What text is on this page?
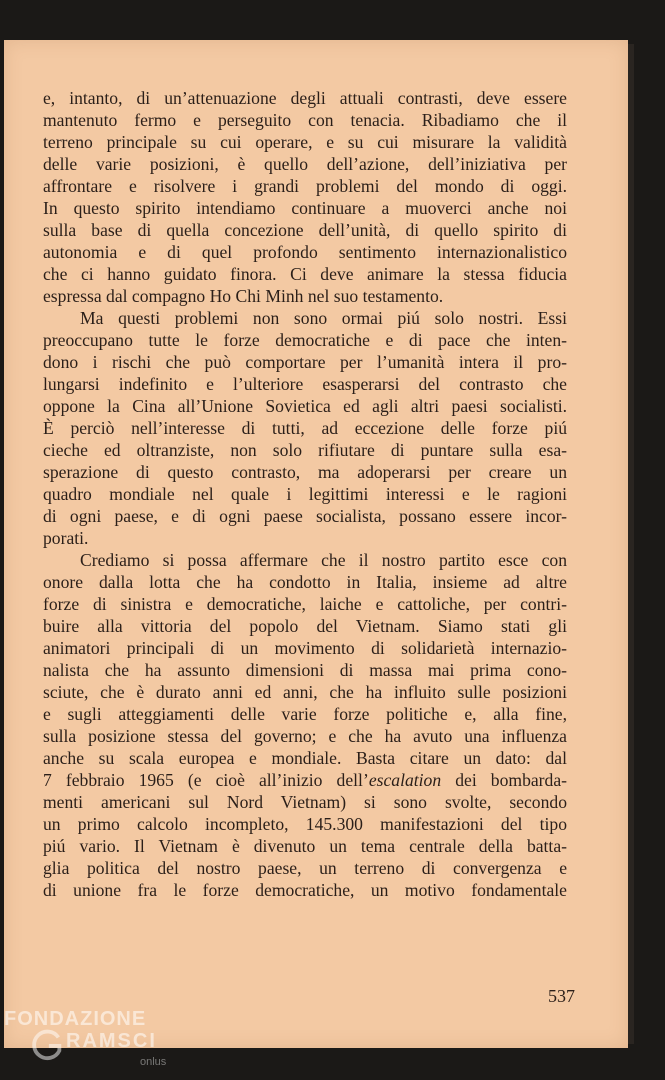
e, intanto, di un’attenuazione degli attuali contrasti, deve essere
mantenuto fermo e perseguito con tenacia. Ribadiamo che il
terreno principale su cui operare, e su cui misurare la validità
delle varie posizioni, è quello dell’azione, dell’iniziativa per
affrontare e risolvere i grandi problemi del mondo di oggi.
In questo spirito intendiamo continuare a muoverci anche noi
sulla base di quella concezione dell’unità, di quello spirito di
autonomia e di quel profondo sentimento internazionalistico
che ci hanno guidato finora. Ci deve animare la stessa fiducia
espressa dal compagno Ho Chi Minh nel suo testamento.
Ma questi problemi non sono ormai piú solo nostri. Essi
preoccupano tutte le forze democratiche e di pace che inten-
dono i rischi che può comportare per l’umanità intera il pro-
lungarsi indefinito e l’ulteriore esasperarsi del contrasto che
oppone la Cina all’Unione Sovietica ed agli altri paesi socialisti.
È perciò nell’interesse di tutti, ad eccezione delle forze piú
cieche ed oltranziste, non solo rifiutare di puntare sulla esa-
sperazione di questo contrasto, ma adoperarsi per creare un
quadro mondiale nel quale i legittimi interessi e le ragioni
di ogni paese, e di ogni paese socialista, possano essere incor-
porati.
Crediamo si possa affermare che il nostro partito esce con
onore dalla lotta che ha condotto in Italia, insieme ad altre
forze di sinistra e democratiche, laiche e cattoliche, per contri-
buire alla vittoria del popolo del Vietnam. Siamo stati gli
animatori principali di un movimento di solidarietà internazio-
nalista che ha assunto dimensioni di massa mai prima cono-
sciute, che è durato anni ed anni, che ha influito sulle posizioni
e sugli atteggiamenti delle varie forze politiche e, alla fine,
sulla posizione stessa del governo; e che ha avuto una influenza
anche su scala europea e mondiale. Basta citare un dato: dal
7 febbraio 1965 (e cioè all’inizio dell’escalation dei bombarda-
menti americani sul Nord Vietnam) si sono svolte, secondo
un primo calcolo incompleto, 145.300 manifestazioni del tipo
piú vario. Il Vietnam è divenuto un tema centrale della batta-
glia politica del nostro paese, un terreno di convergenza e
di unione fra le forze democratiche, un motivo fondamentale
537
FONDAZIONE
RAMSCI
onlus
